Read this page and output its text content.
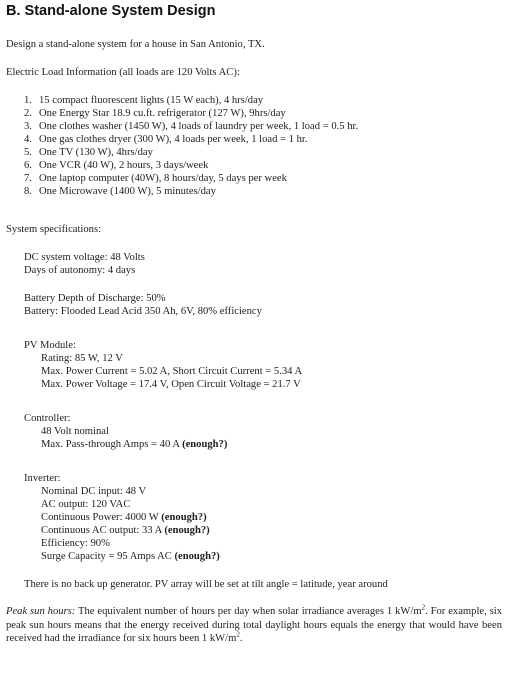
B. Stand-alone System Design
Design a stand-alone system for a house in San Antonio, TX.
Electric Load Information (all loads are 120 Volts AC):
1. 15 compact fluorescent lights (15 W each), 4 hrs/day
2. One Energy Star 18.9 cu.ft. refrigerator (127 W), 9hrs/day
3. One clothes washer (1450 W), 4 loads of laundry per week, 1 load = 0.5 hr.
4. One gas clothes dryer (300 W), 4 loads per week, 1 load = 1 hr.
5. One TV (130 W), 4hrs/day
6. One VCR (40 W), 2 hours, 3 days/week
7. One laptop computer (40W), 8 hours/day, 5 days per week
8. One Microwave (1400 W), 5 minutes/day
System specifications:
DC system voltage: 48 Volts
Days of autonomy: 4 days
Battery Depth of Discharge: 50%
Battery: Flooded Lead Acid 350 Ah, 6V, 80% efficiency
PV Module:
Rating: 85 W, 12 V
Max. Power Current = 5.02 A, Short Circuit Current = 5.34 A
Max. Power Voltage = 17.4 V, Open Circuit Voltage = 21.7 V
Controller:
48 Volt nominal
Max. Pass-through Amps = 40 A (enough?)
Inverter:
Nominal DC input: 48 V
AC output: 120 VAC
Continuous Power: 4000 W (enough?)
Continuous AC output: 33 A (enough?)
Efficiency: 90%
Surge Capacity = 95 Amps AC (enough?)
There is no back up generator. PV array will be set at tilt angle = latitude, year around
Peak sun hours: The equivalent number of hours per day when solar irradiance averages 1 $kW/m^2$. For example, six peak sun hours means that the energy received during total daylight hours equals the energy that would have been received had the irradiance for six hours been 1 $kW/m^2$.
